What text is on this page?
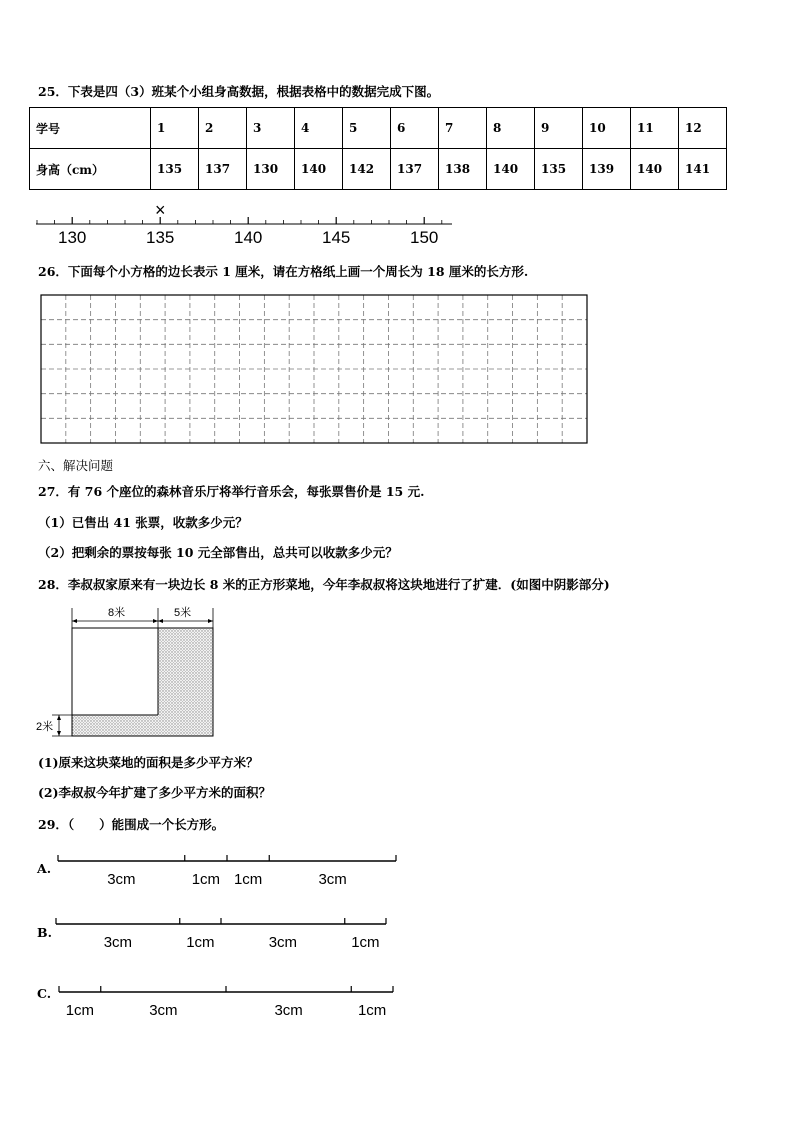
25．下表是四（3）班某个小组身高数据，根据表格中的数据完成下图。
学号	1	2	3	4	5	6	7	8	9	10	11	12
身高（cm）	135	137	130	140	142	137	138	140	135	139	140	141
130	135	140	145	150
×
26．下面每个小方格的边长表示 1 厘米，请在方格纸上画一个周长为 18 厘米的长方形.
六、解决问题
27．有 76 个座位的森林音乐厅将举行音乐会，每张票售价是 15 元.
（1）已售出 41 张票，收款多少元？
（2）把剩余的票按每张 10 元全部售出，总共可以收款多少元？
28．李叔叔家原来有一块边长 8 米的正方形菜地，今年李叔叔将这块地进行了扩建．(如图中阴影部分)
8米	5米
2米
(1)原来这块菜地的面积是多少平方米？
(2)李叔叔今年扩建了多少平方米的面积？
29．（　　）能围成一个长方形。
A.
3cm	1cm 1cm	3cm
B.
3cm	1cm	3cm	1cm
C.
1cm	3cm	3cm	1cm
